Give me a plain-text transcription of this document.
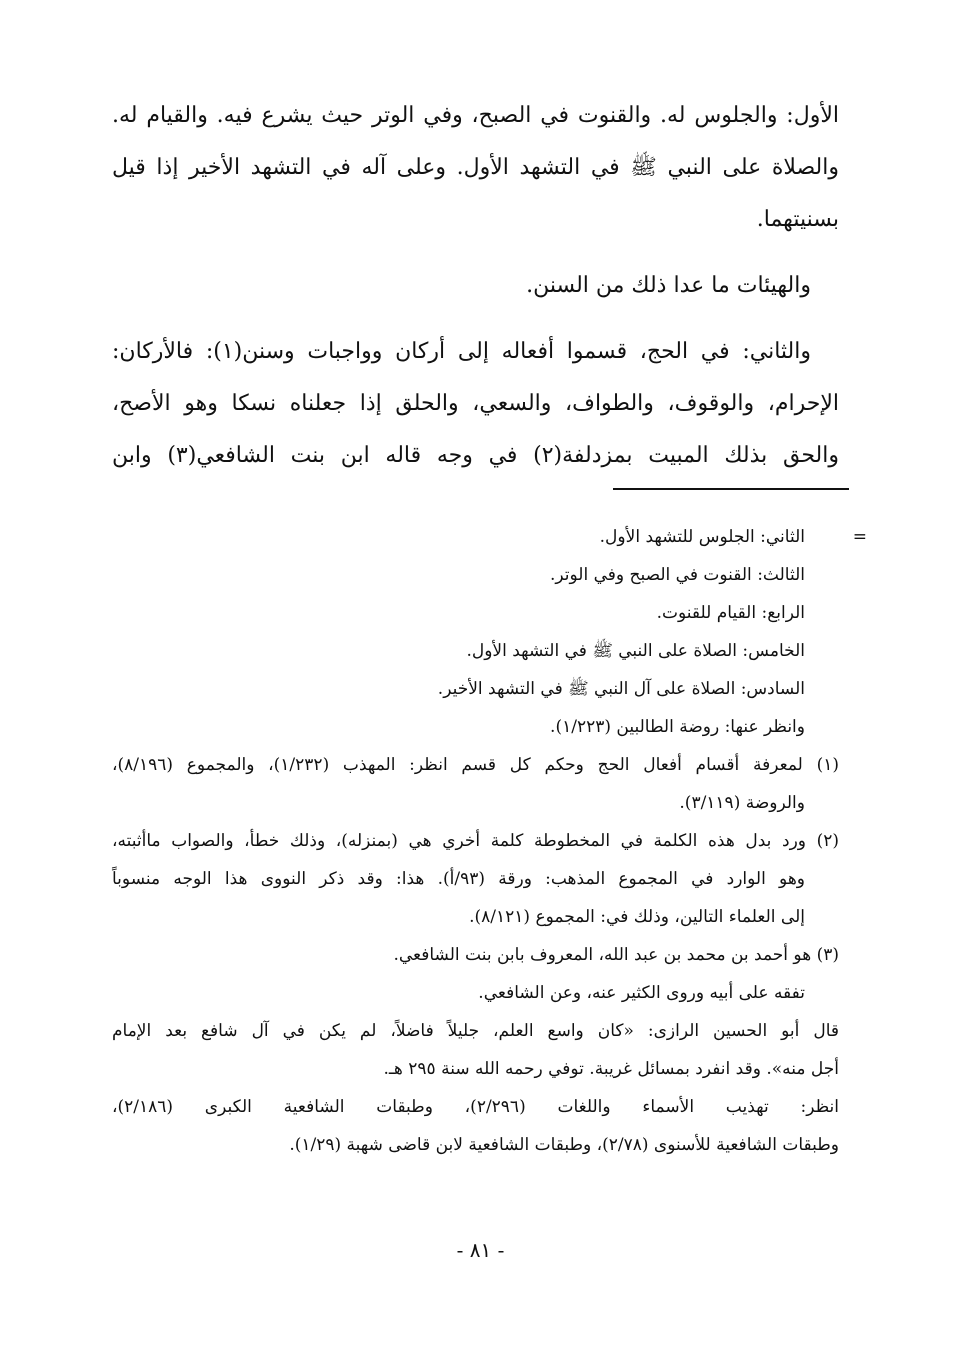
الأول: والجلوس له. والقنوت في الصبح، وفي الوتر حيث يشرع فيه. والقيام له.
والصلاة على النبي ﷺ في التشهد الأول. وعلى آله في التشهد الأخير إذا قيل
بسنيتهما.
والهيئات ما عدا ذلك من السنن.
والثاني: في الحج، قسموا أفعاله إلى أركان وواجبات وسنن(١): فالأركان:
الإحرام، والوقوف، والطواف، والسعي، والحلق إذا جعلناه نسكا وهو الأصح،
والحق بذلك المبيت بمزدلفة(٢) في وجه قاله ابن بنت الشافعي(٣) وابن
=
الثاني: الجلوس للتشهد الأول.
الثالث: القنوت في الصبح وفي الوتر.
الرابع: القيام للقنوت.
الخامس: الصلاة على النبي ﷺ في التشهد الأول.
السادس: الصلاة على آل النبي ﷺ في التشهد الأخير.
وانظر عنها: روضة الطالبين (١/٢٢٣).
(١) لمعرفة أقسام أفعال الحج وحكم كل قسم انظر: المهذب (١/٢٣٢)، والمجموع (٨/١٩٦)،
والروضة (٣/١١٩).
(٢) ورد بدل هذه الكلمة في المخطوطة كلمة أخري هي (بمنزله)، وذلك خطأ، والصواب ماأثبته،
وهو الوارد في المجموع المذهب: ورقة (٩٣/أ). هذا: وقد ذكر النووى هذا الوجه منسوباً
إلى العلماء التالين، وذلك في: المجموع (٨/١٢١).
(٣) هو أحمد بن محمد بن عبد الله، المعروف بابن بنت الشافعي.
تفقه على أبيه وروى الكثير عنه، وعن الشافعي.
قال أبو الحسين الرازى: «كان واسع العلم، جليلاً فاضلاً، لم يكن في آل شافع بعد الإمام
أجل منه». وقد انفرد بمسائل غريبة. توفي رحمه الله سنة ٢٩٥ هـ.
انظر: تهذيب الأسماء واللغات (٢/٢٩٦)، وطبقات الشافعية الكبرى (٢/١٨٦)،
وطبقات الشافعية للأسنوى (٢/٧٨)، وطبقات الشافعية لابن قاضى شهبة (١/٢٩).
- ٨١ -
